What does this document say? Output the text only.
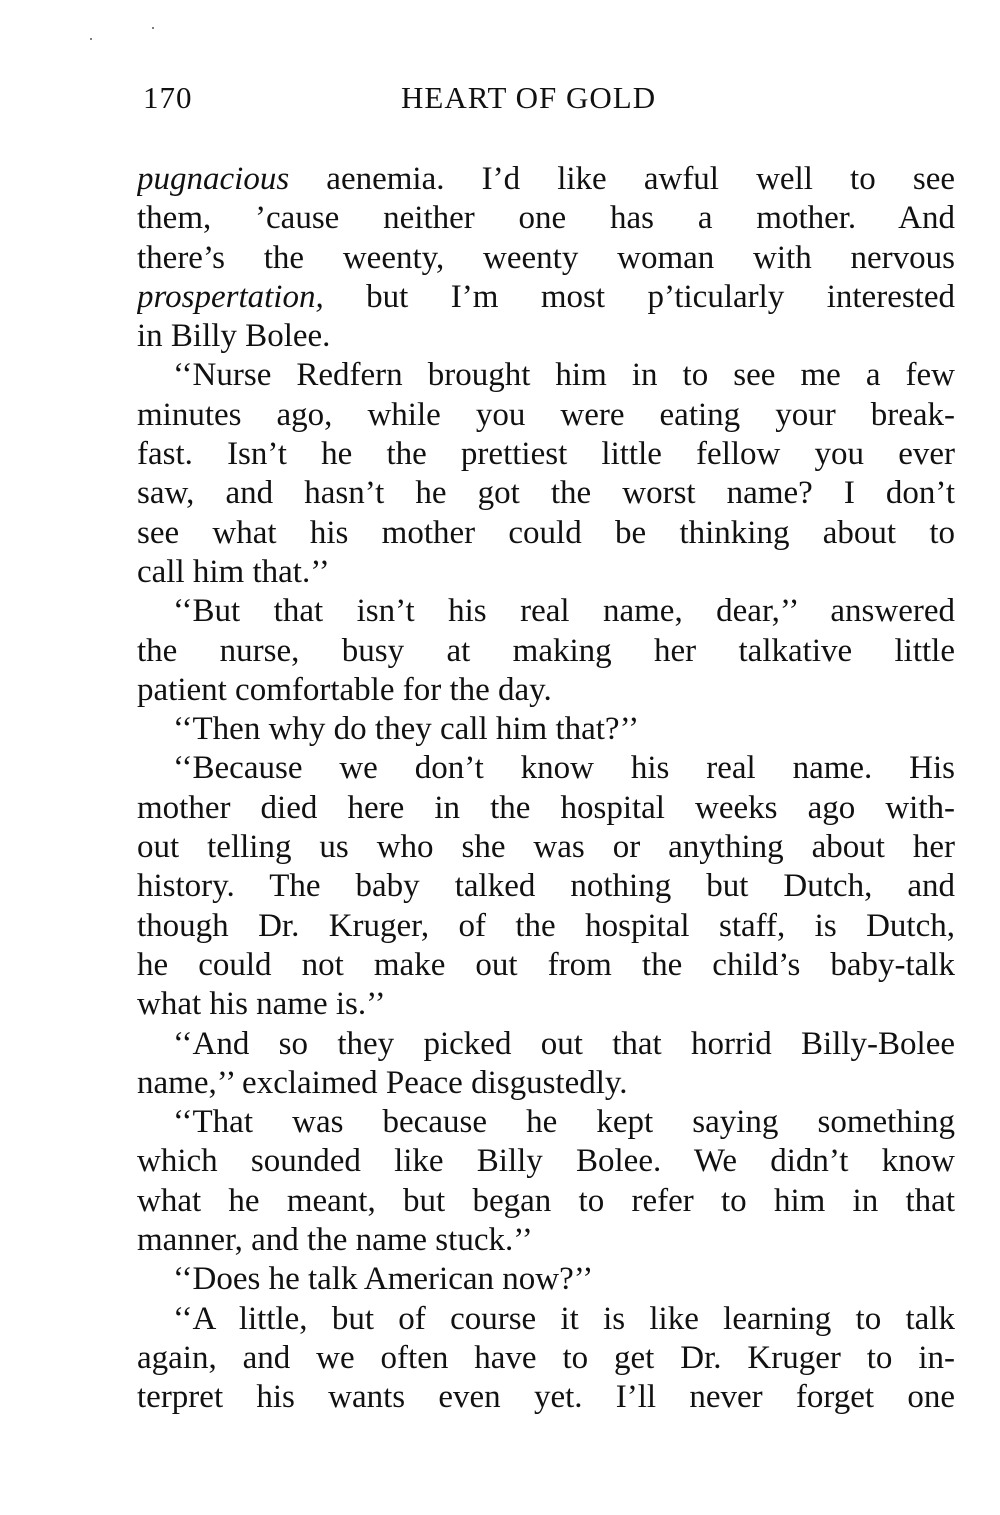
170	HEART OF GOLD
pugnacious aenemia. I’d like awful well to see
them, ’cause neither one has a mother. And
there’s the weenty, weenty woman with nervous
prospertation, but I’m most p’ticularly interested
in Billy Bolee.
‘‘Nurse Redfern brought him in to see me a few
minutes ago, while you were eating your break-
fast. Isn’t he the prettiest little fellow you ever
saw, and hasn’t he got the worst name? I don’t
see what his mother could be thinking about to
call him that.’’
‘‘But that isn’t his real name, dear,’’ answered
the nurse, busy at making her talkative little
patient comfortable for the day.
‘‘Then why do they call him that?’’
‘‘Because we don’t know his real name. His
mother died here in the hospital weeks ago with-
out telling us who she was or anything about her
history. The baby talked nothing but Dutch, and
though Dr. Kruger, of the hospital staff, is Dutch,
he could not make out from the child’s baby-talk
what his name is.’’
‘‘And so they picked out that horrid Billy-Bolee
name,’’ exclaimed Peace disgustedly.
‘‘That was because he kept saying something
which sounded like Billy Bolee. We didn’t know
what he meant, but began to refer to him in that
manner, and the name stuck.’’
‘‘Does he talk American now?’’
‘‘A little, but of course it is like learning to talk
again, and we often have to get Dr. Kruger to in-
terpret his wants even yet. I’ll never forget one
